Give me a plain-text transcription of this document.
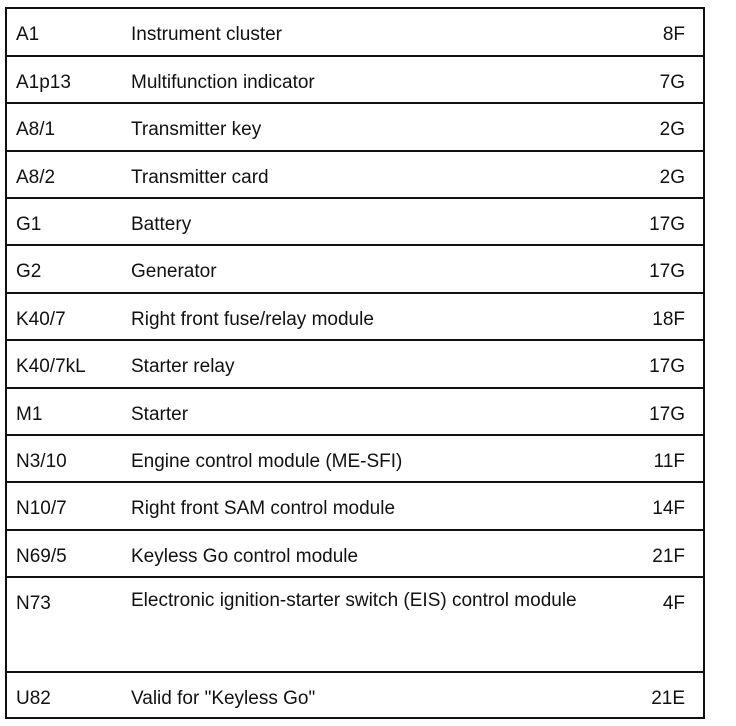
A1	Instrument cluster	8F
A1p13	Multifunction indicator	7G
A8/1	Transmitter key	2G
A8/2	Transmitter card	2G
G1	Battery	17G
G2	Generator	17G
K40/7	Right front fuse/relay module	18F
K40/7kL Starter relay	17G
M1	Starter	17G
N3/10	Engine control module (ME-SFI)	11F
N10/7	Right front SAM control module	14F
N69/5	Keyless Go control module	21F
N73	Electronic ignition-starter switch (EIS) control module	4F
U82	Valid for "Keyless Go"	21E
